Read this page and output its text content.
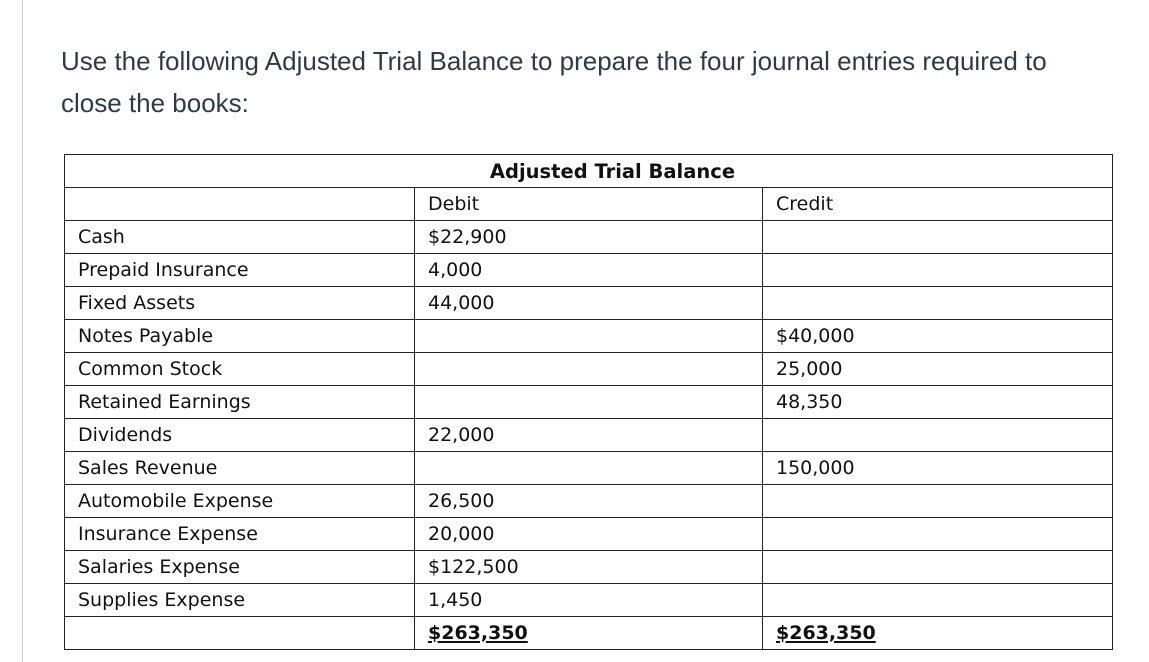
Use the following Adjusted Trial Balance to prepare the four journal entries required to
close the books:

Adjusted Trial Balance		
	Debit	Credit
Cash	$22,900	
Prepaid Insurance	4,000	
Fixed Assets	44,000	
Notes Payable		$40,000
Common Stock		25,000
Retained Earnings		48,350
Dividends	22,000	
Sales Revenue		150,000
Automobile Expense	26,500	
Insurance Expense	20,000	
Salaries Expense	$122,500	
Supplies Expense	1,450	
	$263,350	$263,350
